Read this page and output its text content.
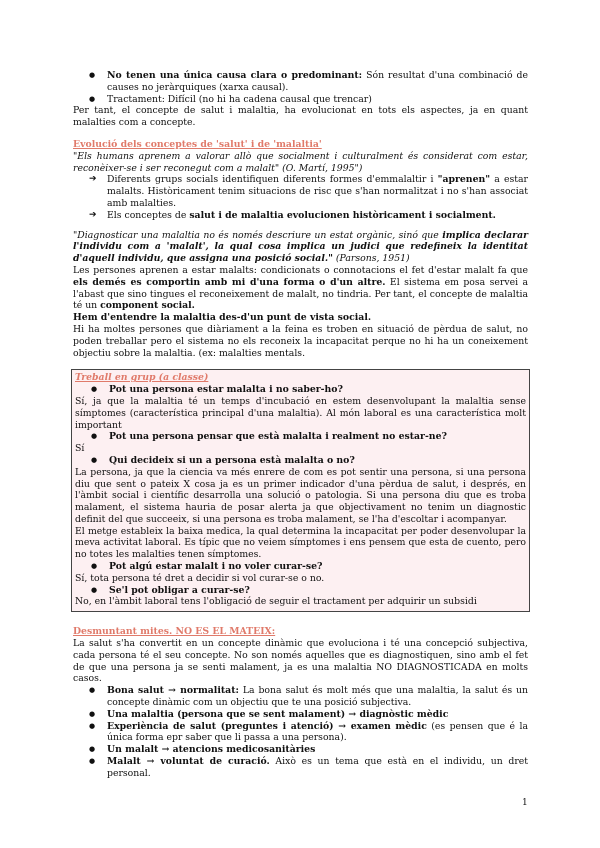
● No tenen una única causa clara o predominant: Són resultat d'una combinació de causes no jeràrquiques (xarxa causal).
● Tractament: Difícil (no hi ha cadena causal que trencar)

Per tant, el concepte de salut i malaltia, ha evolucionat en tots els aspectes, ja en quant malalties com a concepte.

Evolució dels conceptes de 'salut' i de 'malaltia'

"Els humans aprenem a valorar allò que socialment i culturalment és considerat com estar, reconèixer-se i ser reconegut com a malalt" (O. Martí, 1995")

➔ Diferents grups socials identifiquen diferents formes d'emmalaltir i "aprenen" a estar malalts. Històricament tenim situacions de risc que s'han normalitzat i no s'han associat amb malalties.
➔ Els conceptes de salut i de malaltia evolucionen històricament i socialment.

"Diagnosticar una malaltia no és només descriure un estat orgànic, sinó que implica declarar l'individu com a 'malalt', la qual cosa implica un judici que redefineix la identitat d'aquell individu, que assigna una posició social." (Parsons, 1951)

Les persones aprenen a estar malalts: condicionats o connotacions el fet d'estar malalt fa que els demés es comportin amb mi d'una forma o d'un altre. El sistema em posa servei a l'abast que sino tingues el reconeixement de malalt, no tindria. Per tant, el concepte de malaltia té un component social.

Hem d'entendre la malaltia des-d'un punt de vista social.

Hi ha moltes persones que diàriament a la feina es troben en situació de pèrdua de salut, no poden treballar pero el sistema no els reconeix la incapacitat perque no hi ha un coneixement objectiu sobre la malaltia. (ex: malalties mentals.

Treball en grup (a classe)
● Pot una persona estar malalta i no saber-ho?

Sí, ja que la malaltia té un temps d'incubació en estem desenvolupant la malaltia sense símptomes (característica principal d'una malaltia). Al món laboral es una característica molt important

● Pot una persona pensar que està malalta i realment no estar-ne?

Sí

● Qui decideix si un a persona està malalta o no?

La persona, ja que la ciencia va més enrere de com es pot sentir una persona, si una persona diu que sent o pateix X cosa ja es un primer indicador d'una pèrdua de salut, i després, en l'àmbit social i científic desarrolla una solució o patologia. Si una persona diu que es troba malament, el sistema hauria de posar alerta ja que objectivament no tenim un diagnostic definit del que succeeix, si una persona es troba malament, se l'ha d'escoltar i acompanyar.
El metge estableix la baixa medica, la qual determina la incapacitat per poder desenvolupar la meva activitat laboral. Es típic que no veiem símptomes i ens pensem que esta de cuento, pero no totes les malalties tenen símptomes.

● Pot algú estar malalt i no voler curar-se?

Sí, tota persona té dret a decidir si vol curar-se o no.

● Se'l pot obligar a curar-se?

No, en l'àmbit laboral tens l'obligació de seguir el tractament per adquirir un subsidi

Desmuntant mites. NO ES EL MATEIX:

La salut s'ha convertit en un concepte dinàmic que evoluciona i té una concepció subjectiva, cada persona té el seu concepte. No son només aquelles que es diagnostiquen, sino amb el fet de que una persona ja se senti malament, ja es una malaltia NO DIAGNOSTICADA en molts casos.

● Bona salut → normalitat: La bona salut és molt més que una malaltia, la salut és un concepte dinàmic com un objectiu que te una posició subjectiva.
● Una malaltia (persona que se sent malament) → diagnòstic mèdic
● Experiència de salut (preguntes i atenció) → examen mèdic (es pensen que é la única forma epr saber que li passa a una persona).
● Un malalt → atencions medicosanitàries
● Malalt → voluntat de curació. Això es un tema que està en el individu, un dret personal.
1
